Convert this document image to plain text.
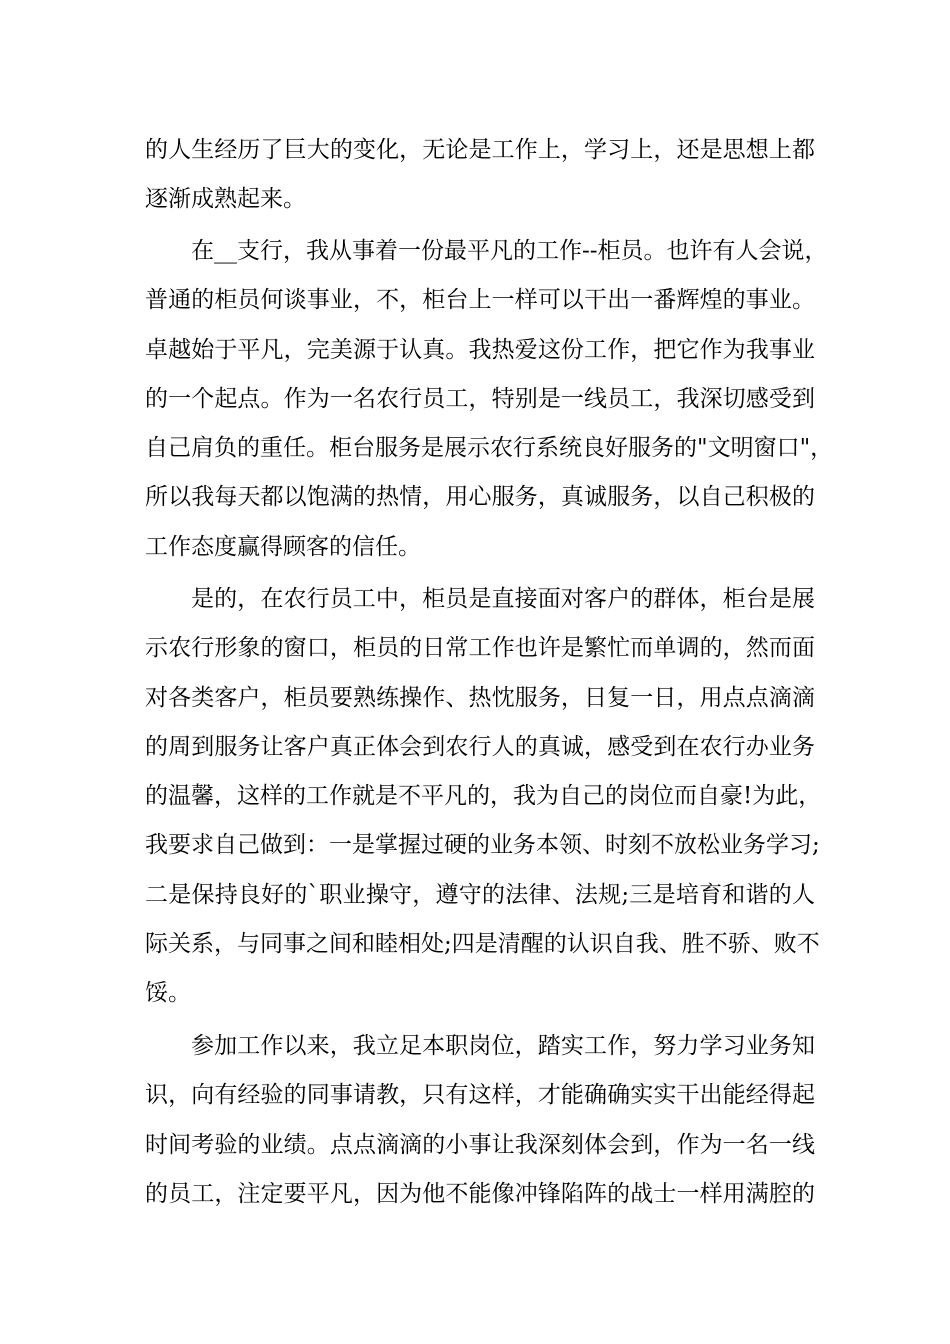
的人生经历了巨大的变化，无论是工作上，学习上，还是思想上都
逐渐成熟起来。
在__支行，我从事着一份最平凡的工作--柜员。也许有人会说，
普通的柜员何谈事业，不，柜台上一样可以干出一番辉煌的事业。
卓越始于平凡，完美源于认真。我热爱这份工作，把它作为我事业
的一个起点。作为一名农行员工，特别是一线员工，我深切感受到
自己肩负的重任。柜台服务是展示农行系统良好服务的"文明窗口"，
所以我每天都以饱满的热情，用心服务，真诚服务，以自己积极的
工作态度赢得顾客的信任。
是的，在农行员工中，柜员是直接面对客户的群体，柜台是展
示农行形象的窗口，柜员的日常工作也许是繁忙而单调的，然而面
对各类客户，柜员要熟练操作、热忱服务，日复一日，用点点滴滴
的周到服务让客户真正体会到农行人的真诚，感受到在农行办业务
的温馨，这样的工作就是不平凡的，我为自己的岗位而自豪!为此，
我要求自己做到：一是掌握过硬的业务本领、时刻不放松业务学习;
二是保持良好的`职业操守，遵守的法律、法规;三是培育和谐的人
际关系，与同事之间和睦相处;四是清醒的认识自我、胜不骄、败不
馁。
参加工作以来，我立足本职岗位，踏实工作，努力学习业务知
识，向有经验的同事请教，只有这样，才能确确实实干出能经得起
时间考验的业绩。点点滴滴的小事让我深刻体会到，作为一名一线
的员工，注定要平凡，因为他不能像冲锋陷阵的战士一样用满腔的
